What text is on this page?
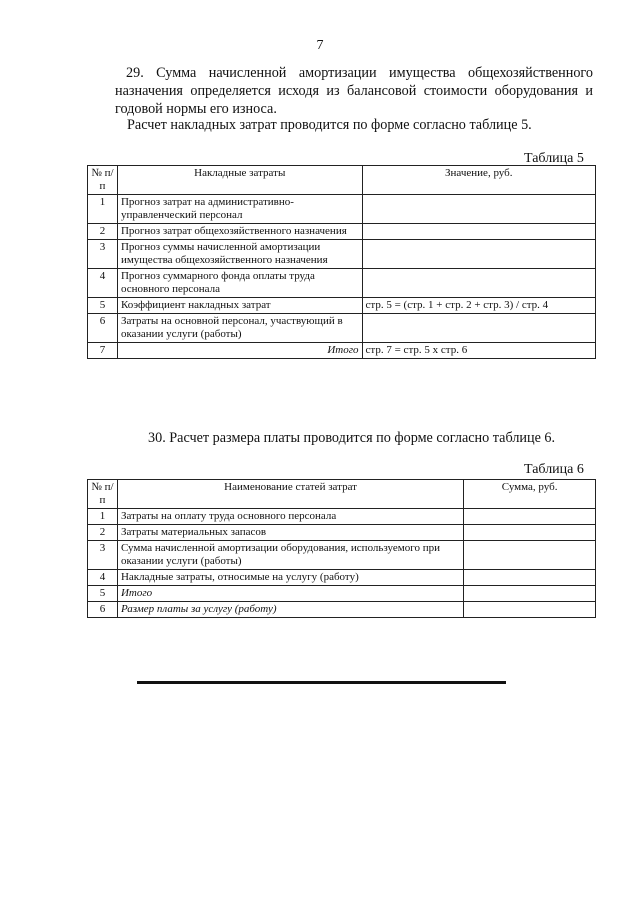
7

29. Сумма начисленной амортизации имущества общехозяйственного назначения определяется исходя из балансовой стоимости оборудования и годовой нормы его износа.

Расчет накладных затрат проводится по форме согласно таблице 5.

Таблица 5
№ п/п	Накладные затраты	Значение, руб.
1	Прогноз затрат на административно-управленческий персонал	
2	Прогноз затрат общехозяйственного назначения	
3	Прогноз суммы начисленной амортизации имущества общехозяйственного назначения	
4	Прогноз суммарного фонда оплаты труда основного персонала	
5	Коэффициент накладных затрат	стр. 5 = (стр. 1 + стр. 2 + стр. 3) / стр. 4
6	Затраты на основной персонал, участвующий в оказании услуги (работы)	
7	Итого	стр. 7 = стр. 5 x стр. 6

30. Расчет размера платы проводится по форме согласно таблице 6.

Таблица 6
№ п/п	Наименование статей затрат	Сумма, руб.
1	Затраты на оплату труда основного персонала	
2	Затраты материальных запасов	
3	Сумма начисленной амортизации оборудования, используемого при оказании услуги (работы)	
4	Накладные затраты, относимые на услугу (работу)	
5	Итого	
6	Размер платы за услугу (работу)	
